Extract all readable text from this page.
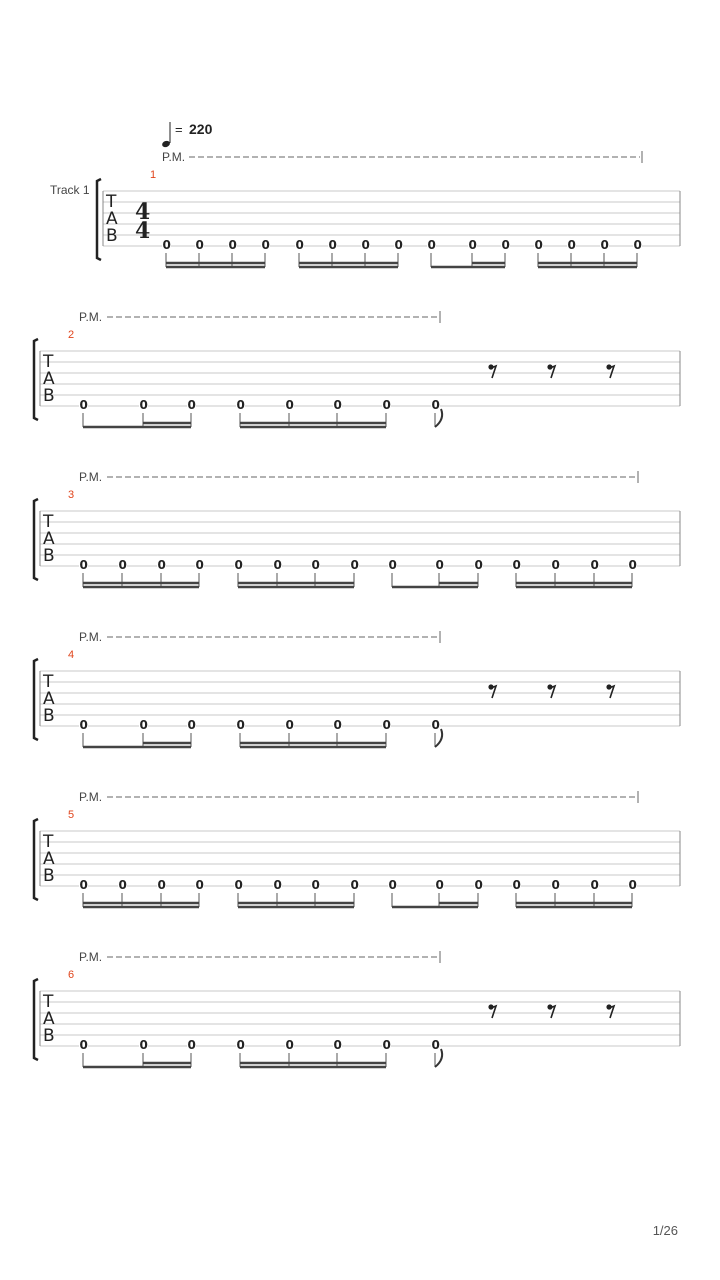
= 220
Track 1
T
A
B
4
4
1
P.M.
0 0 0 0 0 0 0 0 0	0 0 0 0 0 0
T
A
B
2
P.M.
0	0	0	0	0	0	0	0
T
A
B
3
P.M.
0	0	0 0	0	0 0	0 0	0	0 0	0	0 0
T
A
B
4
P.M.
0	0	0	0	0	0	0	0
T
A
B
5
P.M.
0	0	0 0	0	0 0	0 0	0	0 0	0	0 0
T
A
B
6
P.M.
0	0	0	0	0	0	0	0
1/26
